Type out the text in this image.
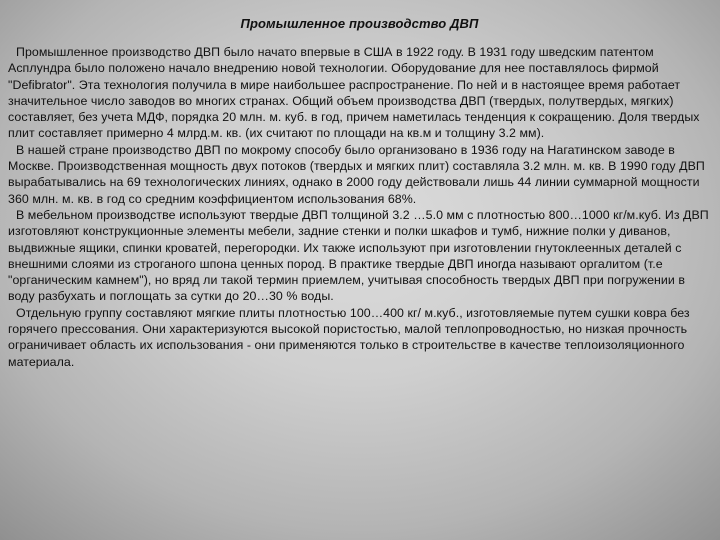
Промышленное производство ДВП

Промышленное производство ДВП было начато впервые в США в 1922 году. В 1931 году шведским патентом Асплундра было положено начало внедрению новой технологии. Оборудование для нее поставлялось фирмой "Defibrator". Эта технология получила в мире наибольшее распространение. По ней и в настоящее время работает значительное число заводов во многих странах. Общий объем производства ДВП (твердых, полутвердых, мягких) составляет, без учета МДФ, порядка 20 млн. м. куб. в год, причем наметилась тенденция к сокращению. Доля твердых плит составляет примерно 4 млрд.м. кв. (их считают по площади на кв.м и толщину 3.2 мм).

В нашей стране производство ДВП по мокрому способу было организовано в 1936 году на Нагатинском заводе в Москве. Производственная мощность двух потоков (твердых и мягких плит) составляла 3.2 млн. м. кв. В 1990 году ДВП вырабатывались на 69 технологических линиях, однако в 2000 году действовали лишь 44 линии суммарной мощности 360 млн. м. кв. в год со средним коэффициентом использования 68%.

В мебельном производстве используют твердые ДВП толщиной 3.2 …5.0 мм с плотностью 800…1000 кг/м.куб. Из ДВП изготовляют конструкционные элементы мебели, задние стенки и полки шкафов и тумб, нижние полки у диванов, выдвижные ящики, спинки кроватей, перегородки. Их также используют при изготовлении гнутоклеенных деталей с внешними слоями из строганого шпона ценных пород. В практике твердые ДВП иногда называют оргалитом (т.е "органическим камнем"), но вряд ли такой термин приемлем, учитывая способность твердых ДВП при погружении в воду разбухать и поглощать за сутки до 20…30 % воды.

Отдельную группу составляют мягкие плиты плотностью 100…400 кг/ м.куб., изготовляемые путем сушки ковра без горячего прессования. Они характеризуются высокой пористостью, малой теплопроводностью, но низкая прочность ограничивает область их использования - они применяются только в строительстве в качестве теплоизоляционного материала.
